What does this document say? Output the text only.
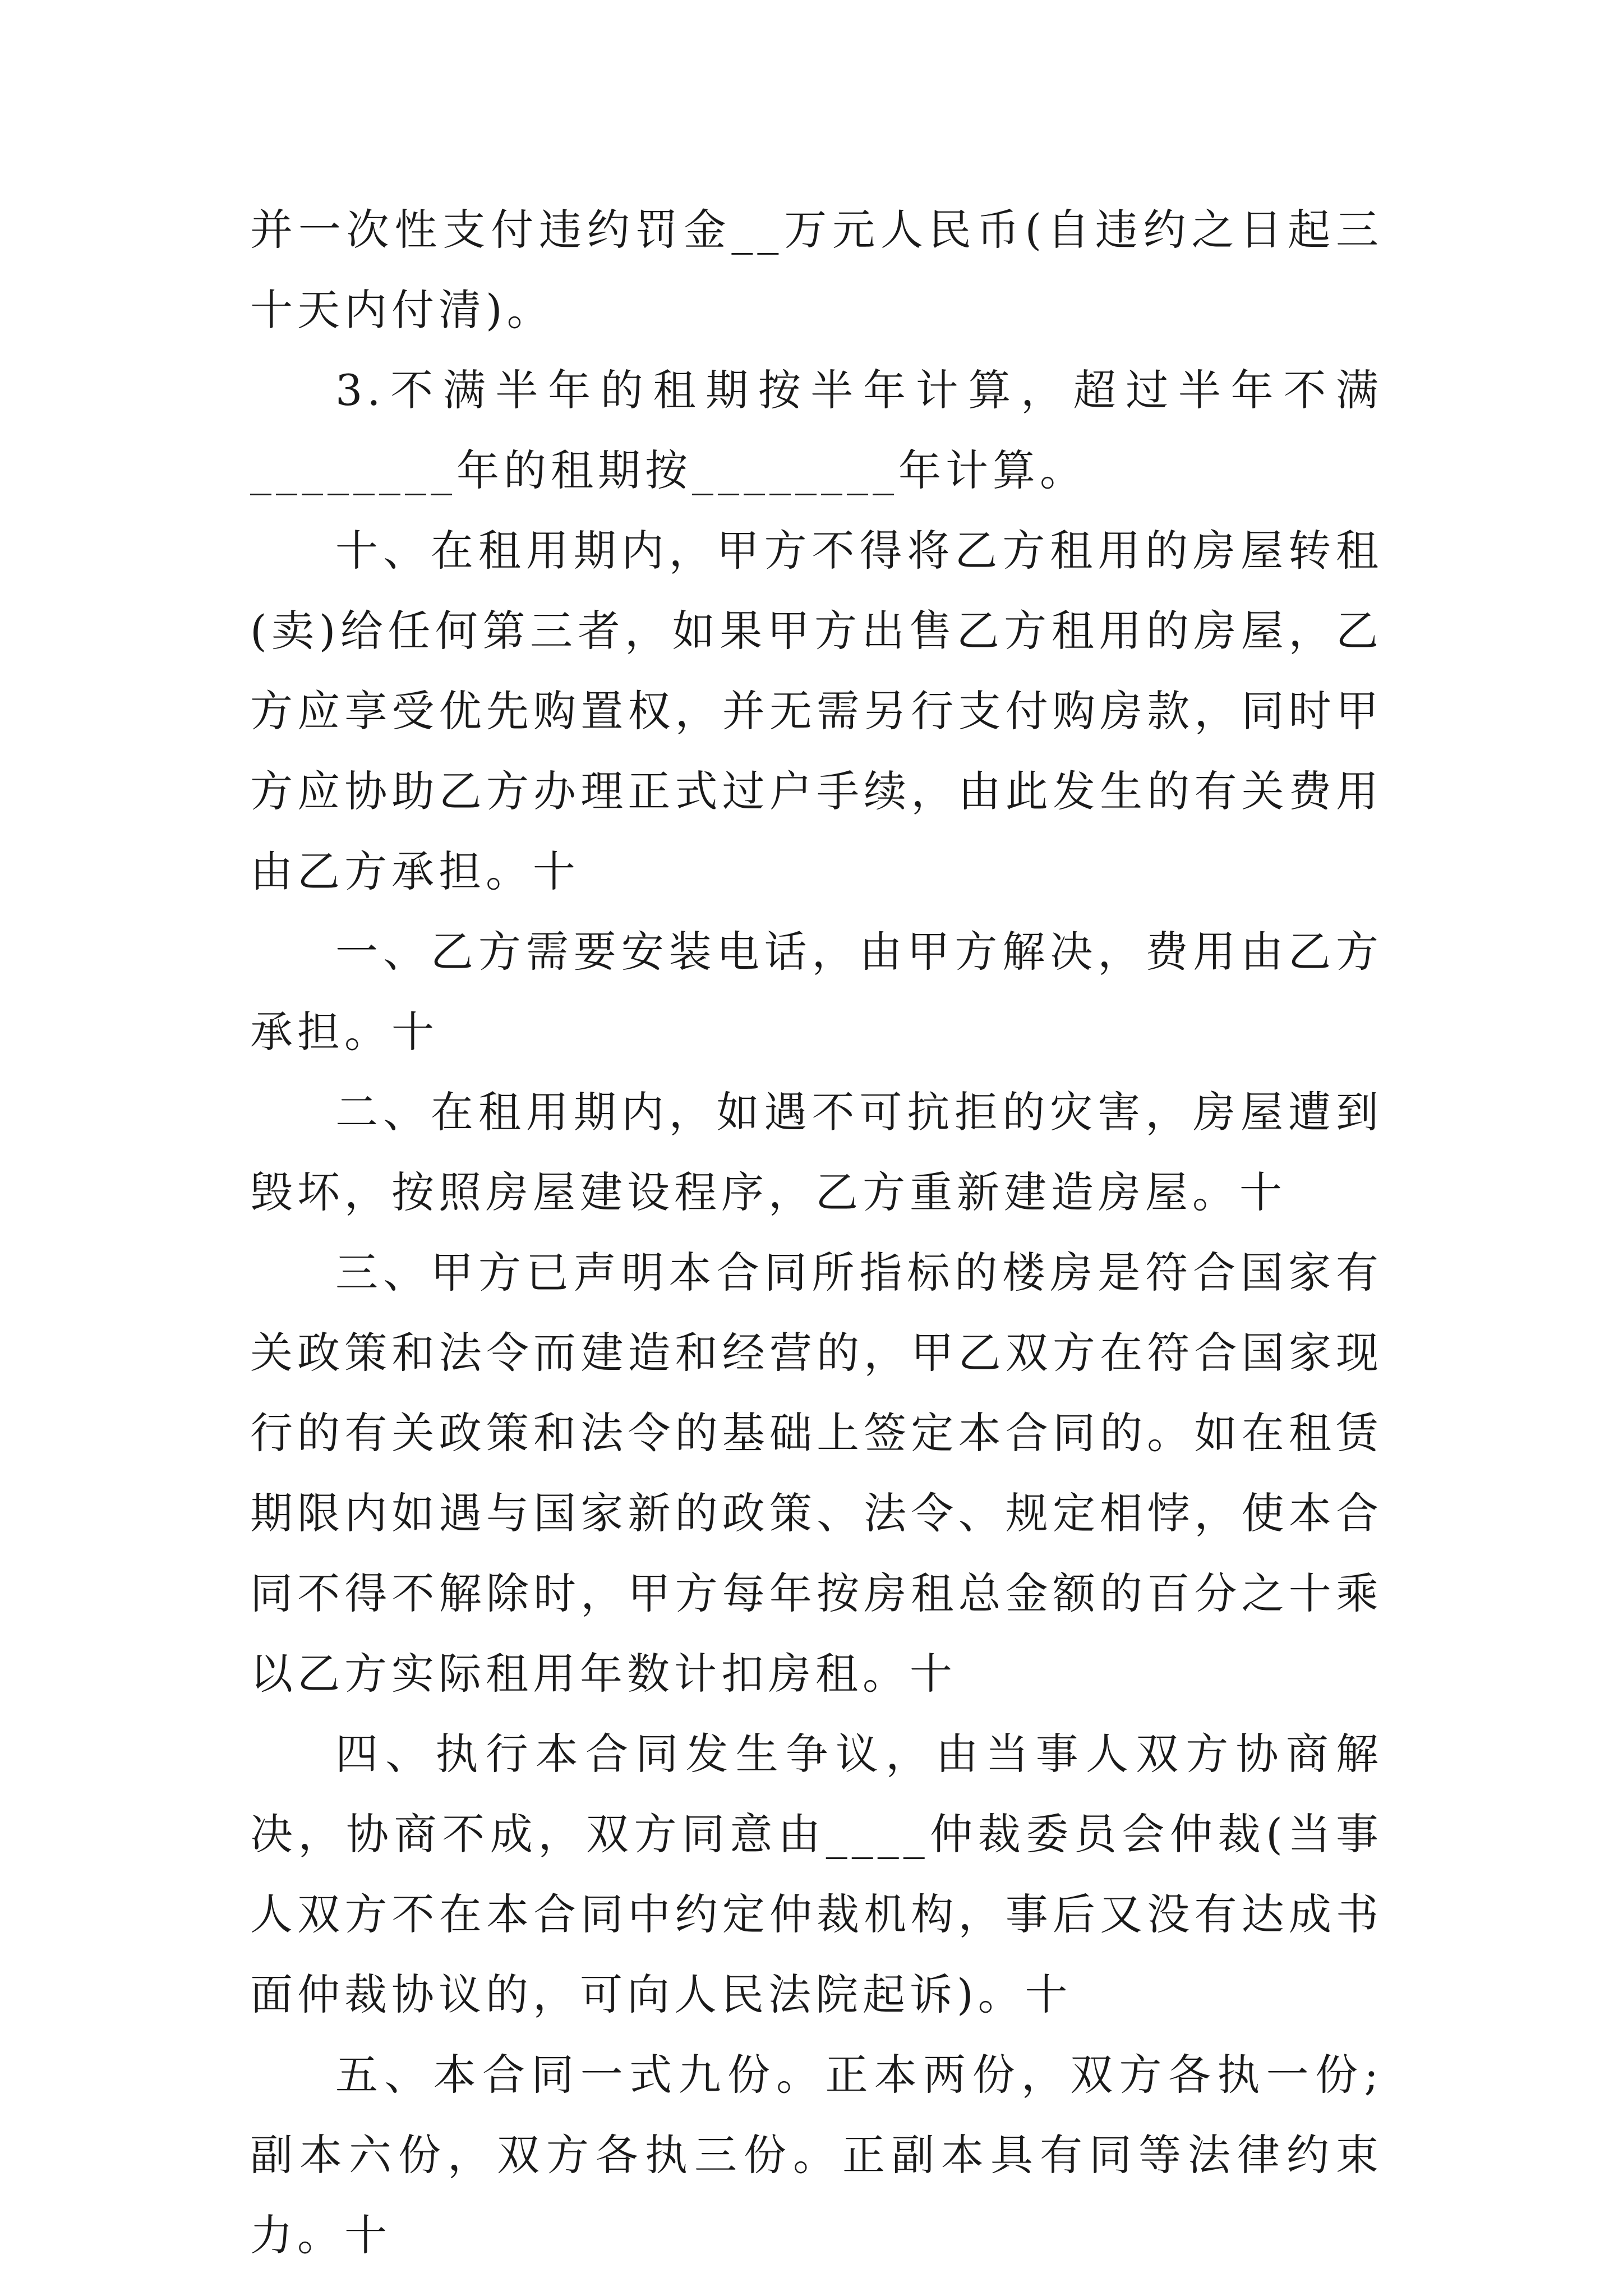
并一次性支付违约罚金__万元人民币(自违约之日起三十天内付清)。

3.不满半年的租期按半年计算，超过半年不满________年的租期按________年计算。

十、在租用期内，甲方不得将乙方租用的房屋转租(卖)给任何第三者，如果甲方出售乙方租用的房屋，乙方应享受优先购置权，并无需另行支付购房款，同时甲方应协助乙方办理正式过户手续，由此发生的有关费用由乙方承担。十

一、乙方需要安装电话，由甲方解决，费用由乙方承担。十

二、在租用期内，如遇不可抗拒的灾害，房屋遭到毁坏，按照房屋建设程序，乙方重新建造房屋。十

三、甲方已声明本合同所指标的楼房是符合国家有关政策和法令而建造和经营的，甲乙双方在符合国家现行的有关政策和法令的基础上签定本合同的。如在租赁期限内如遇与国家新的政策、法令、规定相悖，使本合同不得不解除时，甲方每年按房租总金额的百分之十乘以乙方实际租用年数计扣房租。十

四、执行本合同发生争议，由当事人双方协商解决，协商不成，双方同意由____仲裁委员会仲裁(当事人双方不在本合同中约定仲裁机构，事后又没有达成书面仲裁协议的，可向人民法院起诉)。十

五、本合同一式九份。正本两份，双方各执一份;副本六份，双方各执三份。正副本具有同等法律约束力。十
